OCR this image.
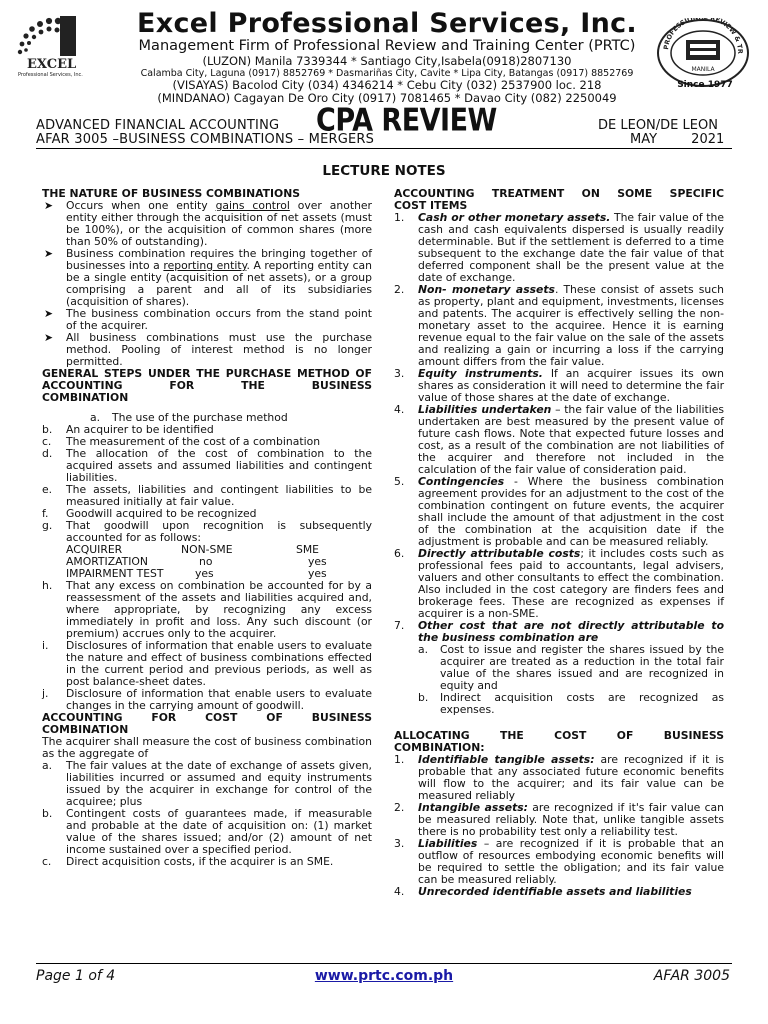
EXCEL
Professional Services, Inc.
Excel Professional Services, Inc.
Management Firm of Professional Review and Training Center (PRTC)
(LUZON) Manila 7339344 * Santiago City,Isabela(0918)2807130
Calamba City, Laguna (0917) 8852769 * Dasmariñas City, Cavite * Lipa City, Batangas (0917) 8852769
(VISAYAS) Bacolod City (034) 4346214 * Cebu City (032) 2537900 loc. 218
(MINDANAO) Cagayan De Oro City (0917) 7081465 * Davao City (082) 2250049
PROFESSIO REVIEW & TR
MANILA
Since 1977
ADVANCED FINANCIAL ACCOUNTING
AFAR 3005 –BUSINESS COMBINATIONS – MERGERS
CPA REVIEW	DE LEON/DE LEON
MAY 2021
LECTURE NOTES

THE NATURE OF BUSINESS COMBINATIONS

➤	Occurs when one entity gains control over another entity either through the acquisition of net assets (must be 100%), or the acquisition of common shares (more than 50% of outstanding).
➤	Business combination requires the bringing together of businesses into a reporting entity. A reporting entity can be a single entity (acquisition of net assets), or a group comprising a parent and all of its subsidiaries (acquisition of shares).
➤	The business combination occurs from the stand point of the acquirer.
➤	All business combinations must use the purchase method. Pooling of interest method is no longer permitted.

GENERAL STEPS UNDER THE PURCHASE METHOD OF ACCOUNTING FOR THE BUSINESS

COMBINATION

a. The use of the purchase method
b.	An acquirer to be identified
c.	The measurement of the cost of a combination
d.	The allocation of the cost of combination to the acquired assets and assumed liabilities and contingent liabilities.
e.	The assets, liabilities and contingent liabilities to be measured initially at fair value.
f.	Goodwill acquired to be recognized
g.	That goodwill upon recognition is subsequently accounted for as follows:
ACQUIRER	NON-SME	SME
AMORTIZATION	no	yes
IMPAIRMENT TEST	yes	yes
h.	That any excess on combination be accounted for by a reassessment of the assets and liabilities acquired and, where appropriate, by recognizing any excess immediately in profit and loss. Any such discount (or premium) accrues only to the acquirer.
i.	Disclosures of information that enable users to evaluate the nature and effect of business combinations effected in the current period and previous periods, as well as post balance-sheet dates.
j.	Disclosure of information that enable users to evaluate changes in the carrying amount of goodwill.

ACCOUNTING FOR COST OF BUSINESS

COMBINATION

The acquirer shall measure the cost of business combination as the aggregate of

a.	The fair values at the date of exchange of assets given, liabilities incurred or assumed and equity instruments issued by the acquirer in exchange for control of the acquiree; plus
b.	Contingent costs of guarantees made, if measurable and probable at the date of acquisition on: (1) market value of the shares issued; and/or (2) amount of net income sustained over a specified period.
c.	Direct acquisition costs, if the acquirer is an SME.

ACCOUNTING TREATMENT ON SOME SPECIFIC

COST ITEMS

1.	Cash or other monetary assets. The fair value of the cash and cash equivalents dispersed is usually readily determinable. But if the settlement is deferred to a time subsequent to the exchange date the fair value of that deferred component shall be the present value at the date of exchange.
2.	Non- monetary assets. These consist of assets such as property, plant and equipment, investments, licenses and patents. The acquirer is effectively selling the non-monetary asset to the acquiree. Hence it is earning revenue equal to the fair value on the sale of the assets and realizing a gain or incurring a loss if the carrying amount differs from the fair value.
3.	Equity instruments. If an acquirer issues its own shares as consideration it will need to determine the fair value of those shares at the date of exchange.
4.	Liabilities undertaken – the fair value of the liabilities undertaken are best measured by the present value of future cash flows. Note that expected future losses and cost, as a result of the combination are not liabilities of the acquirer and therefore not included in the calculation of the fair value of consideration paid.
5.	Contingencies - Where the business combination agreement provides for an adjustment to the cost of the combination contingent on future events, the acquirer shall include the amount of that adjustment in the cost of the combination at the acquisition date if the adjustment is probable and can be measured reliably.
6.	Directly attributable costs; it includes costs such as professional fees paid to accountants, legal advisers, valuers and other consultants to effect the combination. Also included in the cost category are finders fees and brokerage fees. These are recognized as expenses if acquirer is a non-SME.
7.	Other cost that are not directly attributable to the business combination are
a. Cost to issue and register the shares issued by the acquirer are treated as a reduction in the total fair value of the shares issued and are recognized in equity and
b. Indirect acquisition costs are recognized as expenses.

ALLOCATING THE COST OF BUSINESS

COMBINATION:

1.	Identifiable tangible assets: are recognized if it is probable that any associated future economic benefits will flow to the acquirer; and its fair value can be measured reliably
2.	Intangible assets: are recognized if it's fair value can be measured reliably. Note that, unlike tangible assets there is no probability test only a reliability test.
3.	Liabilities – are recognized if it is probable that an outflow of resources embodying economic benefits will be required to settle the obligation; and its fair value can be measured reliably.
4.	Unrecorded identifiable assets and liabilities
Page 1 of 4	www.prtc.com.ph	AFAR 3005
